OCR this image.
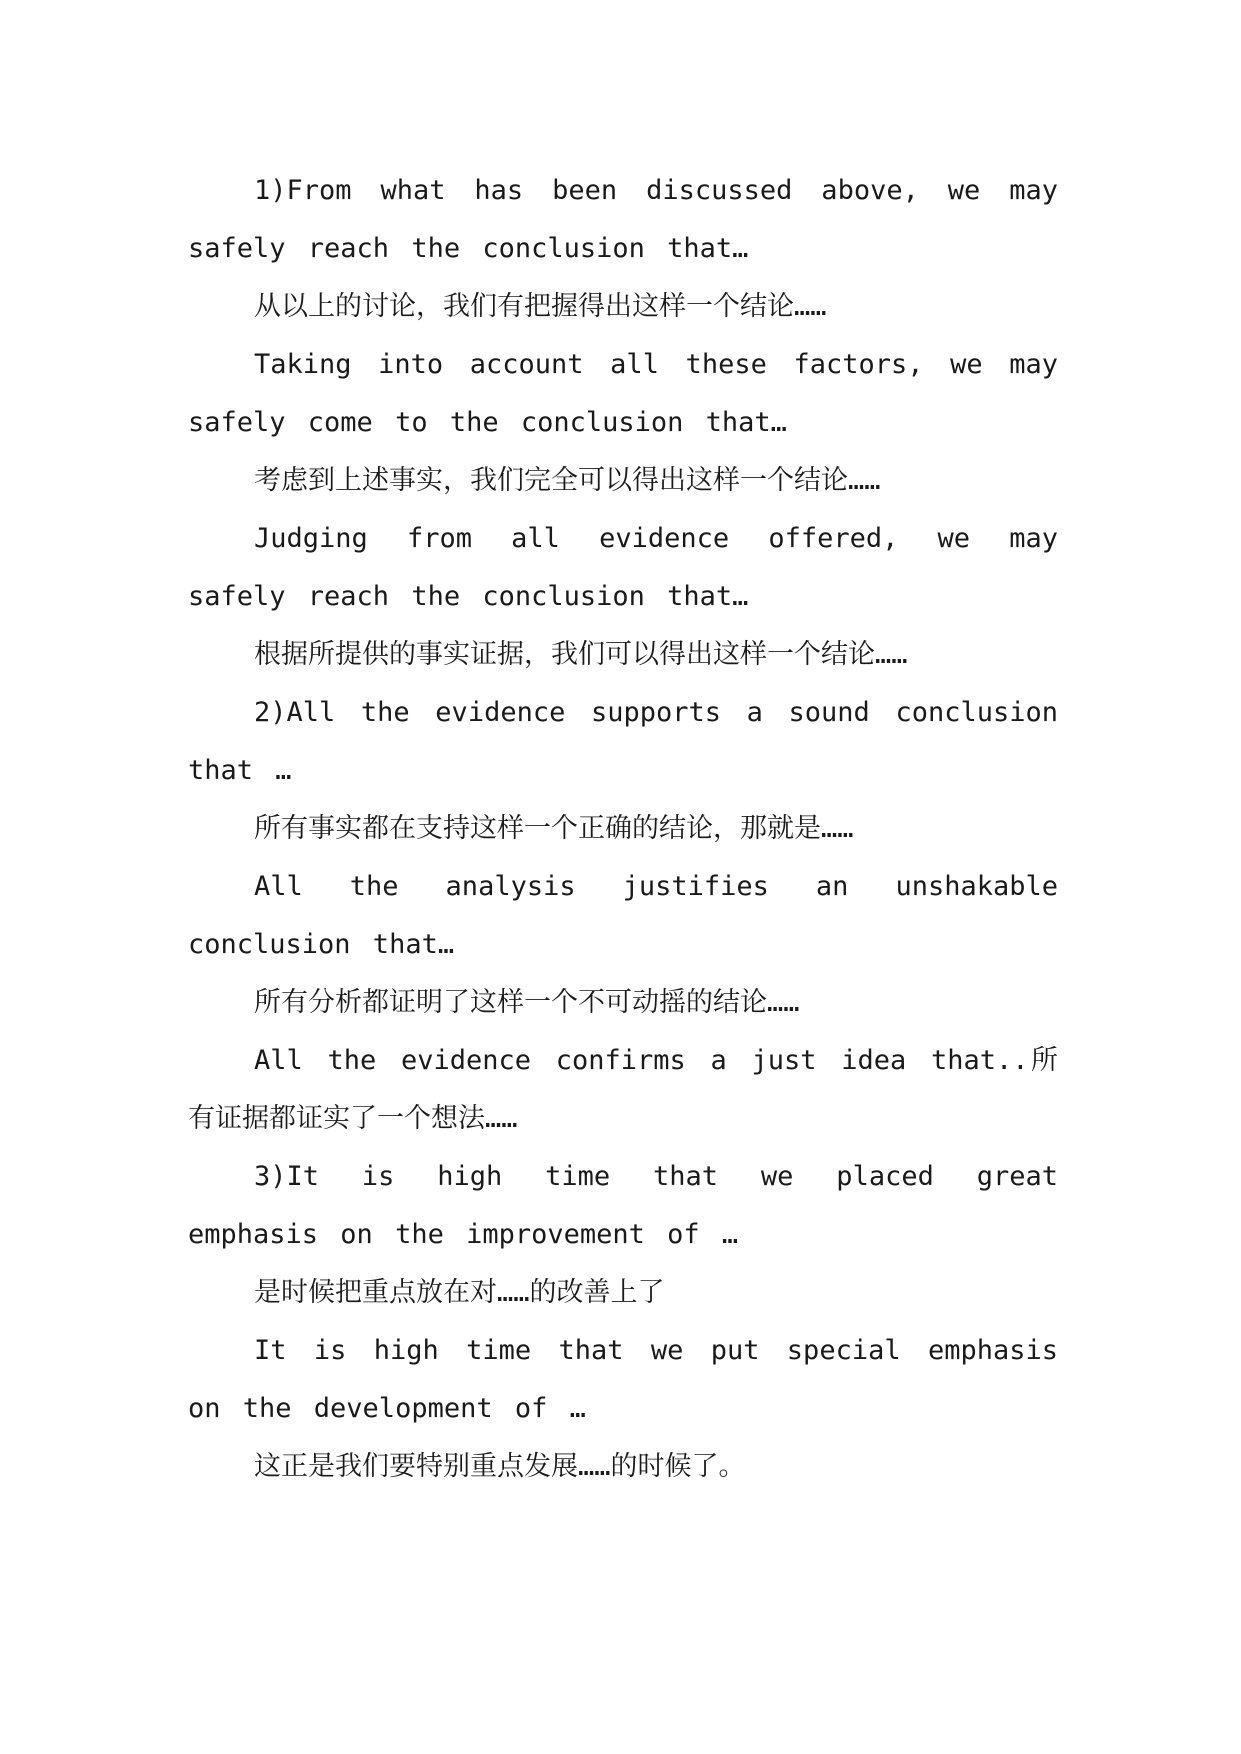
1)From what has been discussed above, we may safely reach the conclusion that…

从以上的讨论，我们有把握得出这样一个结论……

Taking into account all these factors, we may safely come to the conclusion that…

考虑到上述事实，我们完全可以得出这样一个结论……

Judging from all evidence offered, we may safely reach the conclusion that…

根据所提供的事实证据，我们可以得出这样一个结论……

2)All the evidence supports a sound conclusion that …

所有事实都在支持这样一个正确的结论，那就是……

All the analysis justifies an unshakable conclusion that…

所有分析都证明了这样一个不可动摇的结论……

All the evidence confirms a just idea that..所有证据都证实了一个想法……

3)It is high time that we placed great emphasis on the improvement of …

是时候把重点放在对……的改善上了

It is high time that we put special emphasis on the development of …

这正是我们要特别重点发展……的时候了。
